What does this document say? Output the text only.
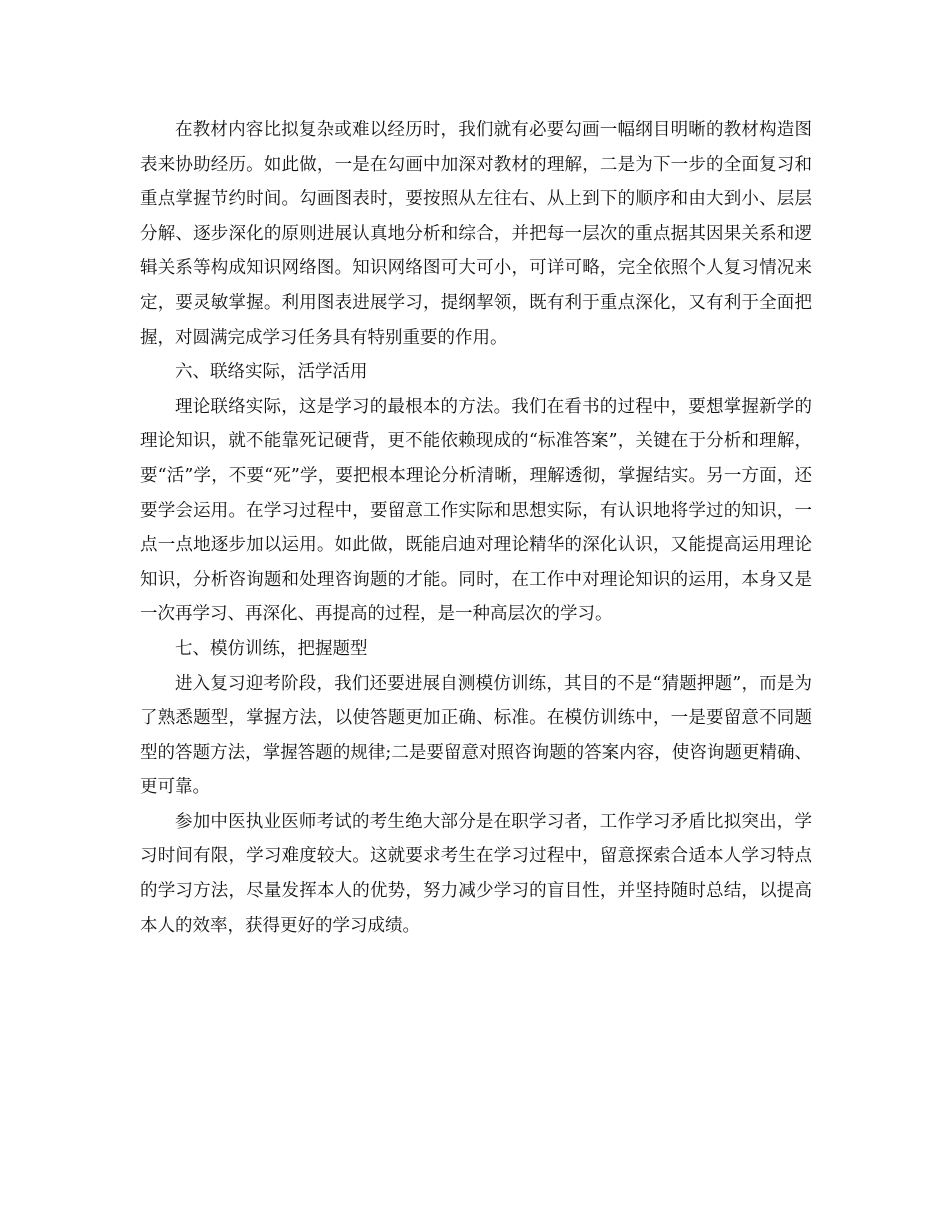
在教材内容比拟复杂或难以经历时，我们就有必要勾画一幅纲目明晰的教材构造图表来协助经历。如此做，一是在勾画中加深对教材的理解，二是为下一步的全面复习和重点掌握节约时间。勾画图表时，要按照从左往右、从上到下的顺序和由大到小、层层分解、逐步深化的原则进展认真地分析和综合，并把每一层次的重点据其因果关系和逻辑关系等构成知识网络图。知识网络图可大可小，可详可略，完全依照个人复习情况来定，要灵敏掌握。利用图表进展学习，提纲挈领，既有利于重点深化，又有利于全面把握，对圆满完成学习任务具有特别重要的作用。

六、联络实际，活学活用

理论联络实际，这是学习的最根本的方法。我们在看书的过程中，要想掌握新学的理论知识，就不能靠死记硬背，更不能依赖现成的“标准答案”，关键在于分析和理解，要“活”学，不要“死”学，要把根本理论分析清晰，理解透彻，掌握结实。另一方面，还要学会运用。在学习过程中，要留意工作实际和思想实际，有认识地将学过的知识，一点一点地逐步加以运用。如此做，既能启迪对理论精华的深化认识，又能提高运用理论知识，分析咨询题和处理咨询题的才能。同时，在工作中对理论知识的运用，本身又是一次再学习、再深化、再提高的过程，是一种高层次的学习。

七、模仿训练，把握题型

进入复习迎考阶段，我们还要进展自测模仿训练，其目的不是“猜题押题”，而是为了熟悉题型，掌握方法，以使答题更加正确、标准。在模仿训练中，一是要留意不同题型的答题方法，掌握答题的规律;二是要留意对照咨询题的答案内容，使咨询题更精确、更可靠。

参加中医执业医师考试的考生绝大部分是在职学习者，工作学习矛盾比拟突出，学习时间有限，学习难度较大。这就要求考生在学习过程中，留意探索合适本人学习特点的学习方法，尽量发挥本人的优势，努力减少学习的盲目性，并坚持随时总结，以提高本人的效率，获得更好的学习成绩。
